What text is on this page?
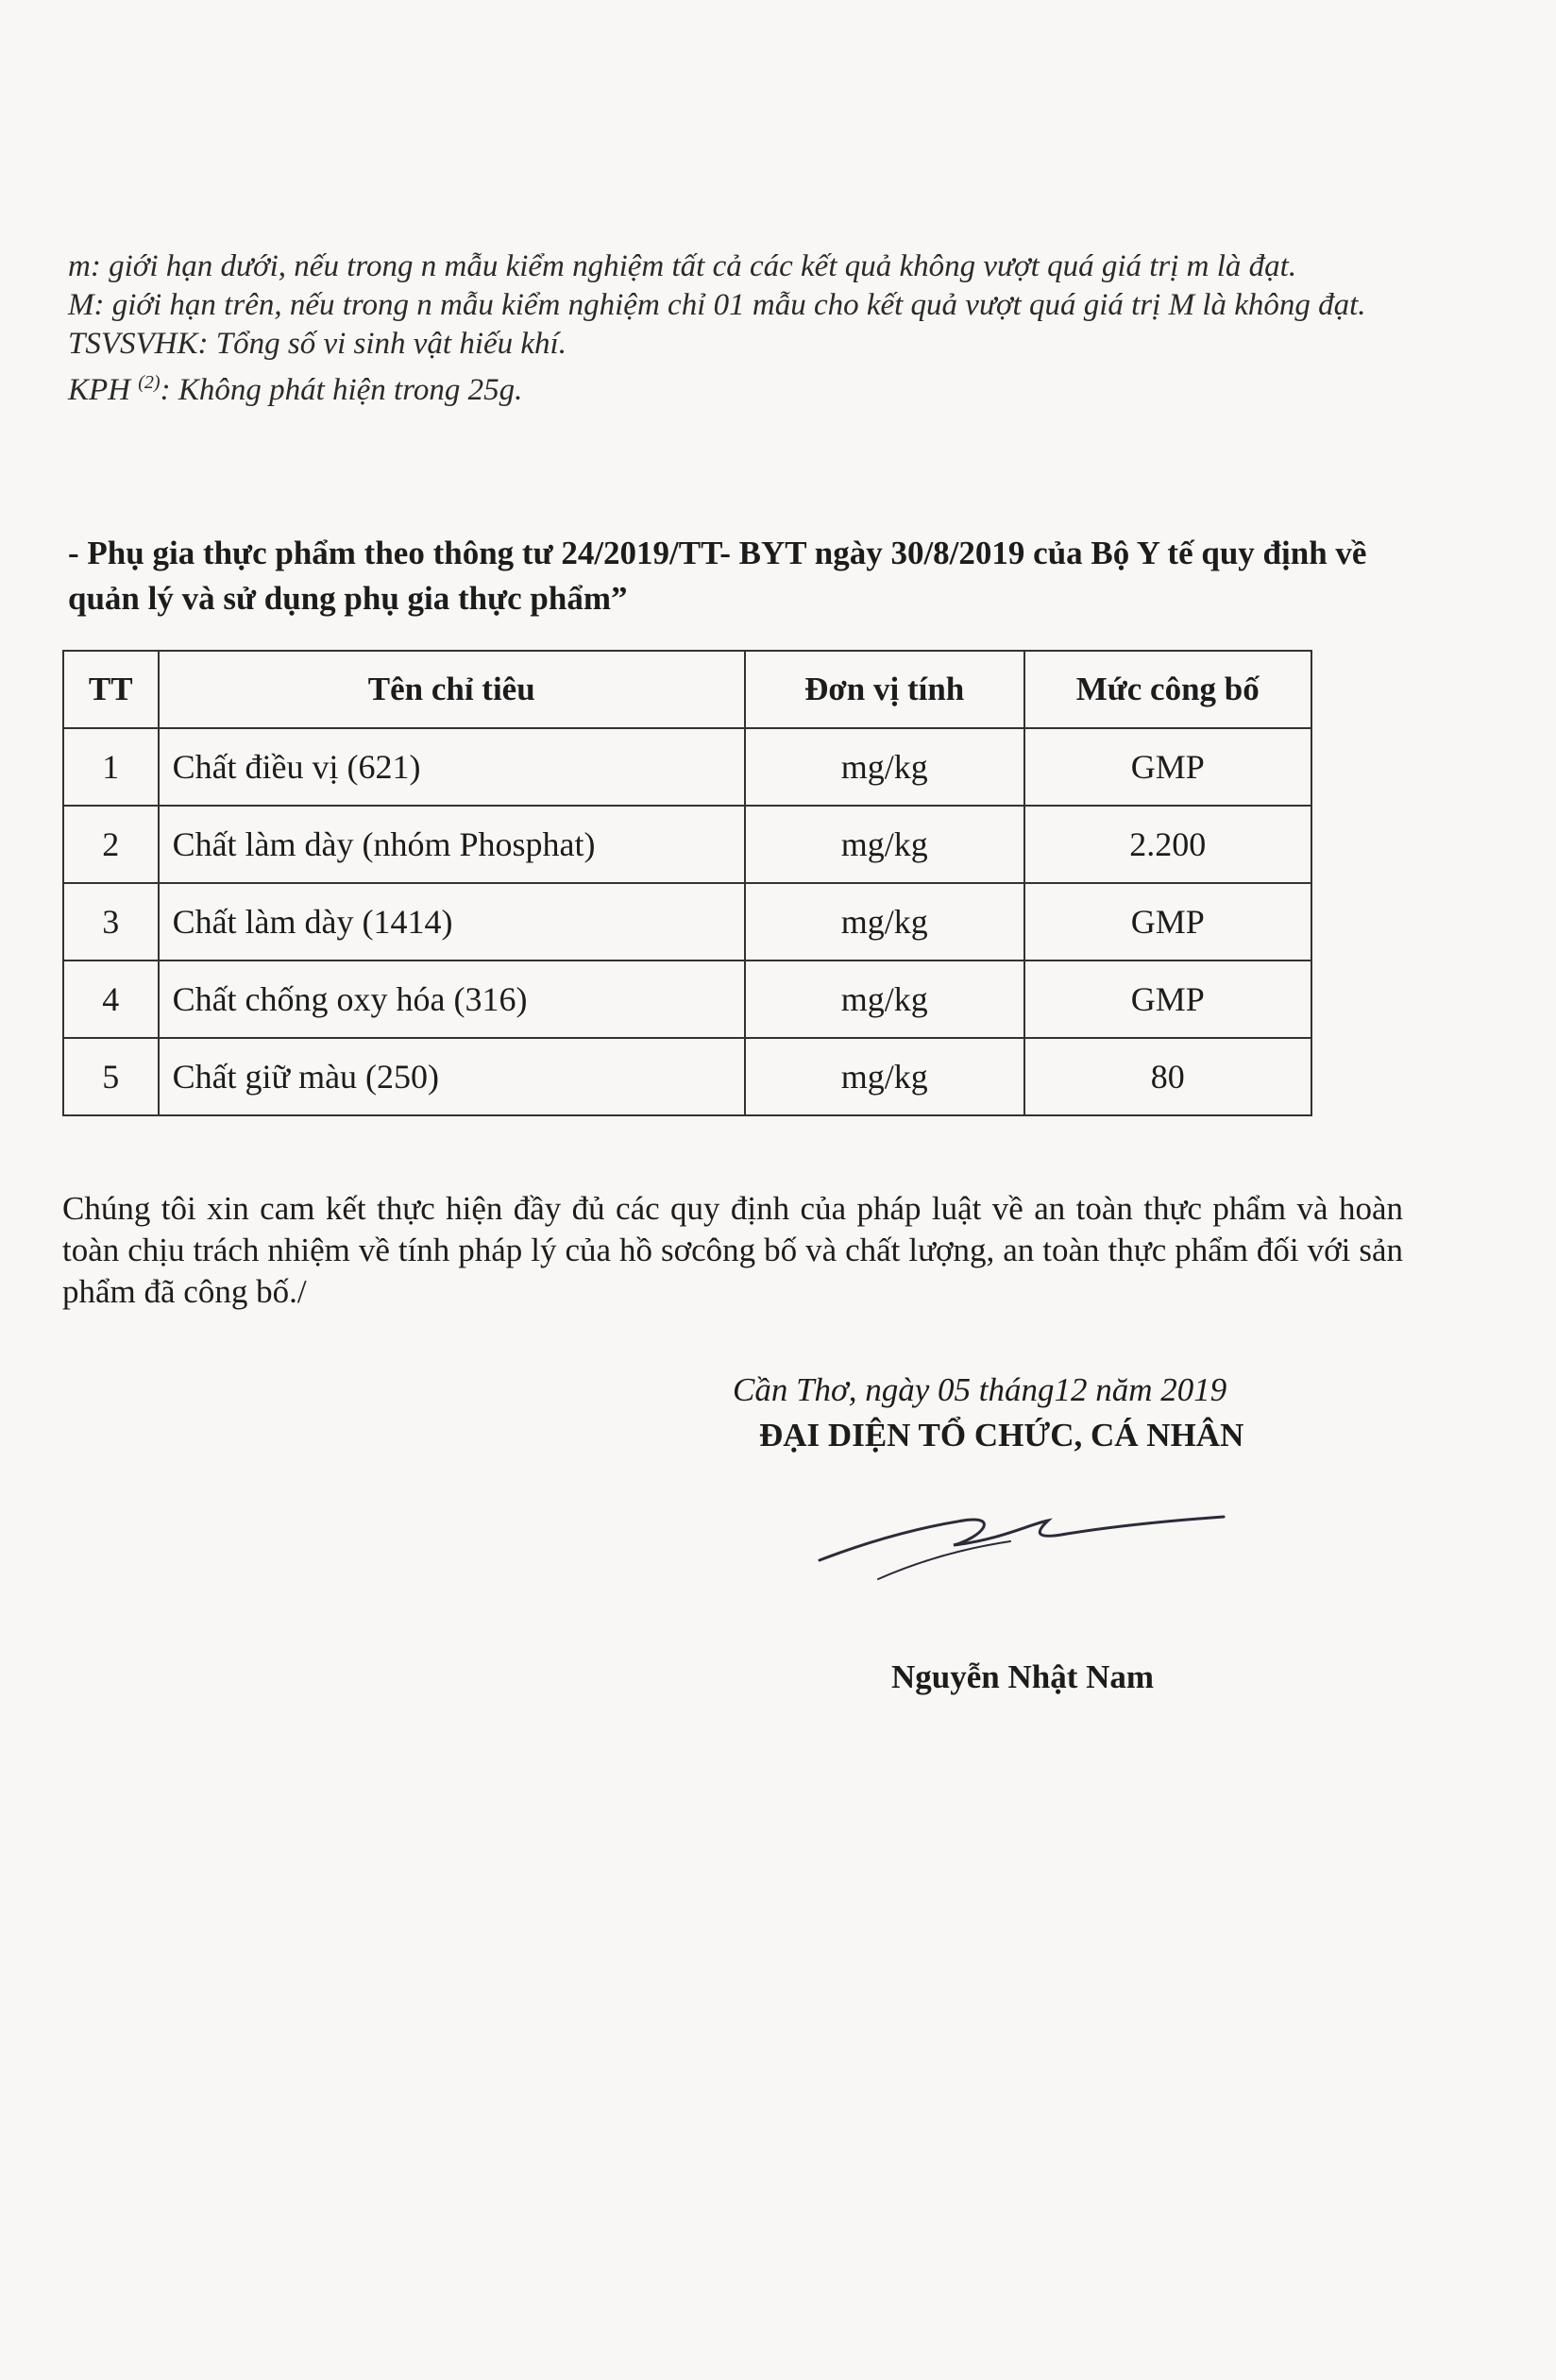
m: giới hạn dưới, nếu trong n mẫu kiểm nghiệm tất cả các kết quả không vượt quá giá trị m là đạt.

M: giới hạn trên, nếu trong n mẫu kiểm nghiệm chỉ 01 mẫu cho kết quả vượt quá giá trị M là không đạt.

TSVSVHK: Tổng số vi sinh vật hiếu khí.

KPH $^{(2)}$: Không phát hiện trong 25g.

- Phụ gia thực phẩm theo thông tư 24/2019/TT- BYT ngày 30/8/2019 của Bộ Y tế quy định về quản lý và sử dụng phụ gia thực phẩm”
TT	Tên chỉ tiêu	Đơn vị tính	Mức công bố
1	Chất điều vị (621)	mg/kg	GMP
2	Chất làm dày (nhóm Phosphat)	mg/kg	2.200
3	Chất làm dày (1414)	mg/kg	GMP
4	Chất chống oxy hóa (316)	mg/kg	GMP
5	Chất giữ màu (250)	mg/kg	80
Chúng tôi xin cam kết thực hiện đầy đủ các quy định của pháp luật về an toàn thực phẩm và hoàn toàn chịu trách nhiệm về tính pháp lý của hồ sơcông bố và chất lượng, an toàn thực phẩm đối với sản phẩm đã công bố./
Cần Thơ, ngày 05 tháng12 năm 2019
ĐẠI DIỆN TỔ CHỨC, CÁ NHÂN
Nguyễn Nhật Nam
